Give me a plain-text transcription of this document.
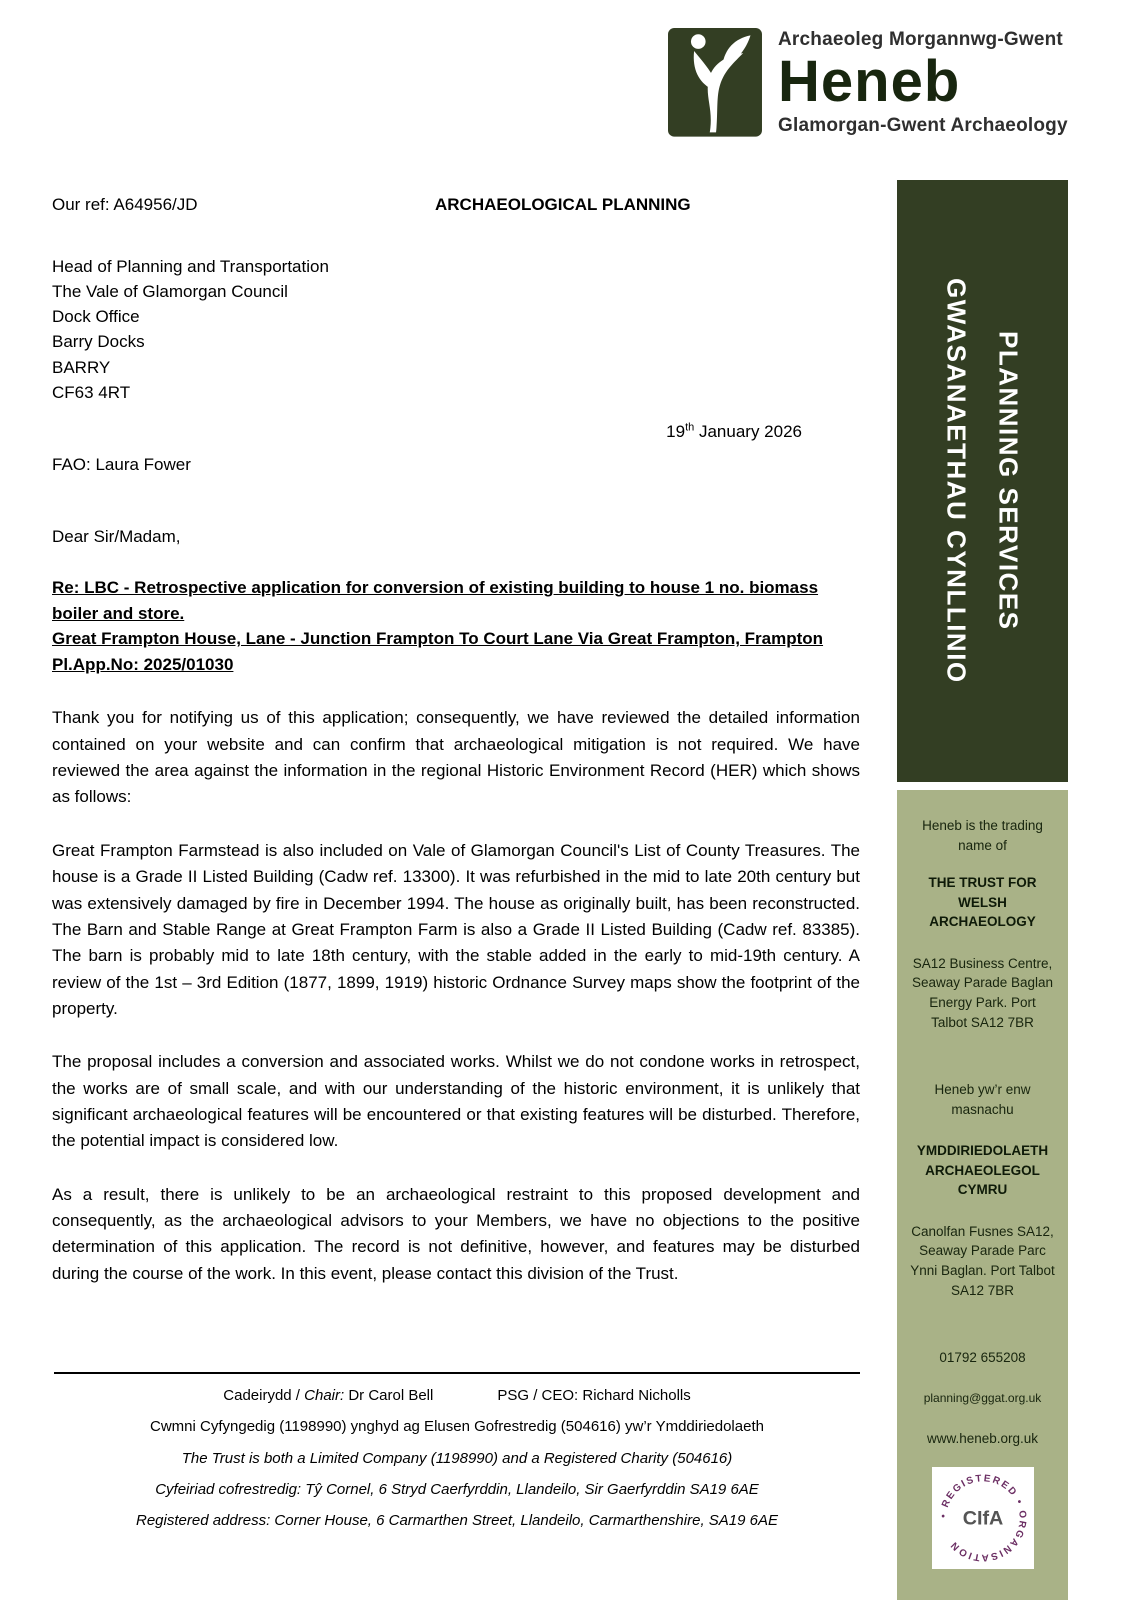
Archaeoleg Morgannwg-Gwent
Heneb
Glamorgan-Gwent Archaeology
PLANNING SERVICES
GWASANAETHAU CYNLLINIO
Heneb is the trading name of
THE TRUST FOR WELSH ARCHAEOLOGY
SA12 Business Centre, Seaway Parade Baglan Energy Park. Port Talbot SA12 7BR
Heneb yw’r enw masnachu
YMDDIRIEDOLAETH ARCHAEOLEGOL CYMRU
Canolfan Fusnes SA12, Seaway Parade Parc Ynni Baglan. Port Talbot SA12 7BR
01792 655208
planning@ggat.org.uk
www.heneb.org.uk
• REGISTERED • ORGANISATION
CIfA
Our ref: A64956/JD	ARCHAEOLOGICAL PLANNING
Head of Planning and Transportation
The Vale of Glamorgan Council
Dock Office
Barry Docks
BARRY
CF63 4RT
19th January 2026
FAO: Laura Fower
Dear Sir/Madam,
Re: LBC - Retrospective application for conversion of existing building to house 1 no. biomass boiler and store.
Great Frampton House, Lane - Junction Frampton To Court Lane Via Great Frampton, Frampton
Pl.App.No: 2025/01030

Thank you for notifying us of this application; consequently, we have reviewed the detailed information contained on your website and can confirm that archaeological mitigation is not required. We have reviewed the area against the information in the regional Historic Environment Record (HER) which shows as follows:

Great Frampton Farmstead is also included on Vale of Glamorgan Council's List of County Treasures. The house is a Grade II Listed Building (Cadw ref. 13300). It was refurbished in the mid to late 20th century but was extensively damaged by fire in December 1994. The house as originally built, has been reconstructed. The Barn and Stable Range at Great Frampton Farm is also a Grade II Listed Building (Cadw ref. 83385). The barn is probably mid to late 18th century, with the stable added in the early to mid-19th century. A review of the 1st – 3rd Edition (1877, 1899, 1919) historic Ordnance Survey maps show the footprint of the property.

The proposal includes a conversion and associated works. Whilst we do not condone works in retrospect, the works are of small scale, and with our understanding of the historic environment, it is unlikely that significant archaeological features will be encountered or that existing features will be disturbed. Therefore, the potential impact is considered low.

As a result, there is unlikely to be an archaeological restraint to this proposed development and consequently, as the archaeological advisors to your Members, we have no objections to the positive determination of this application. The record is not definitive, however, and features may be disturbed during the course of the work. In this event, please contact this division of the Trust.

Cadeirydd / Chair: Dr Carol Bell	PSG / CEO: Richard Nicholls
Cwmni Cyfyngedig (1198990) ynghyd ag Elusen Gofrestredig (504616) yw’r Ymddiriedolaeth
The Trust is both a Limited Company (1198990) and a Registered Charity (504616)
Cyfeiriad cofrestredig: Tŷ Cornel, 6 Stryd Caerfyrddin, Llandeilo, Sir Gaerfyrddin SA19 6AE
Registered address: Corner House, 6 Carmarthen Street, Llandeilo, Carmarthenshire, SA19 6AE
